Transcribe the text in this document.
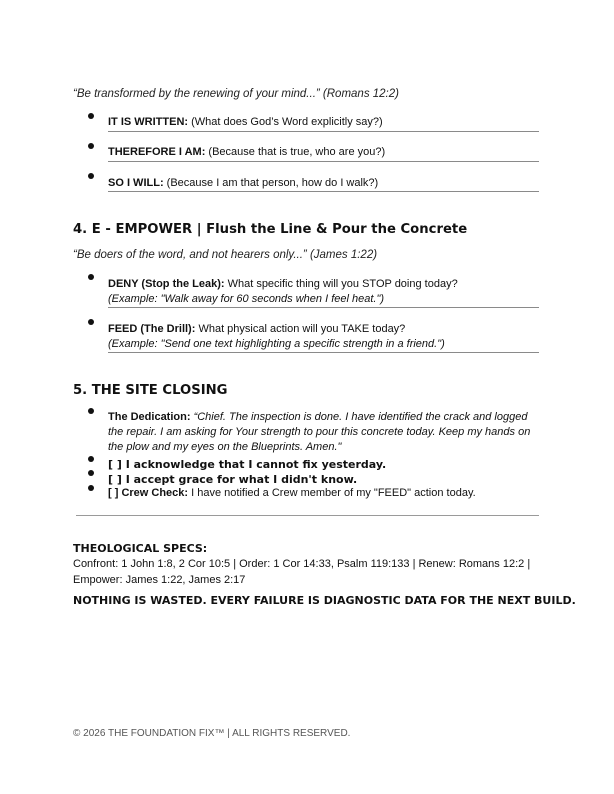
“Be transformed by the renewing of your mind...” (Romans 12:2)
IT IS WRITTEN: (What does God’s Word explicitly say?)
THEREFORE I AM: (Because that is true, who are you?)
SO I WILL: (Because I am that person, how do I walk?)
4. E - EMPOWER | Flush the Line & Pour the Concrete
“Be doers of the word, and not hearers only...” (James 1:22)
DENY (Stop the Leak): What specific thing will you STOP doing today?
(Example: "Walk away for 60 seconds when I feel heat.")
FEED (The Drill): What physical action will you TAKE today?
(Example: "Send one text highlighting a specific strength in a friend.")
5. THE SITE CLOSING
The Dedication: “Chief. The inspection is done. I have identified the crack and logged the repair. I am asking for Your strength to pour this concrete today. Keep my hands on the plow and my eyes on the Blueprints. Amen."
[ ] I acknowledge that I cannot fix yesterday.
[ ] I accept grace for what I didn't know.
[ ] Crew Check: I have notified a Crew member of my "FEED" action today.
THEOLOGICAL SPECS:
Confront: 1 John 1:8, 2 Cor 10:5 | Order: 1 Cor 14:33, Psalm 119:133 | Renew: Romans 12:2 | Empower: James 1:22, James 2:17
NOTHING IS WASTED. EVERY FAILURE IS DIAGNOSTIC DATA FOR THE NEXT BUILD.
© 2026 THE FOUNDATION FIX™ | ALL RIGHTS RESERVED.
